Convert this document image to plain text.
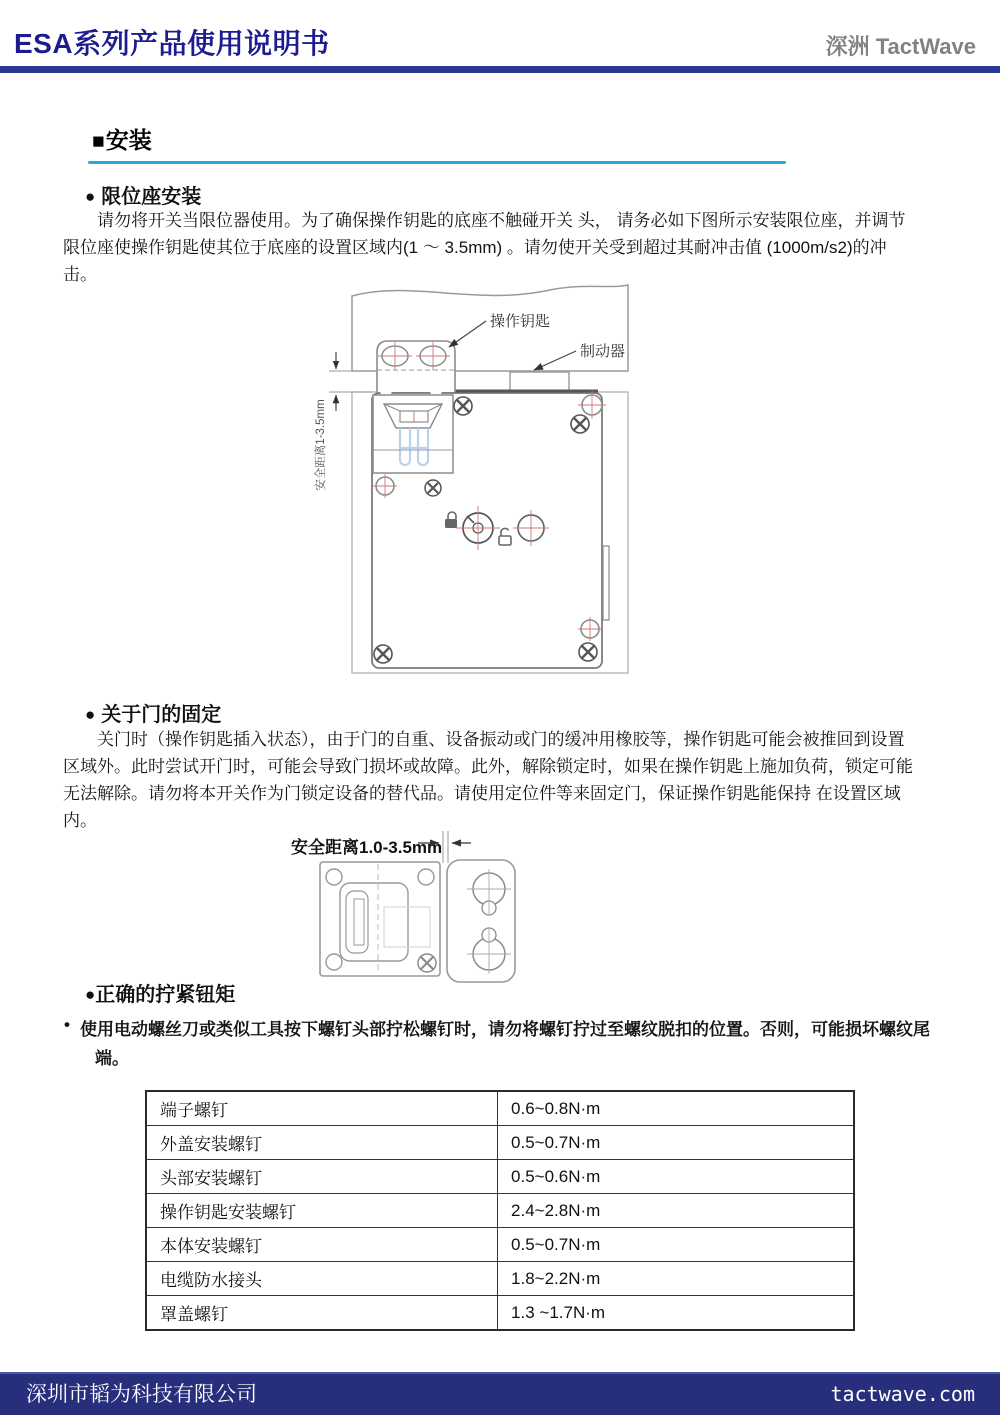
ESA系列产品使用说明书	深洲 TactWave
■安装
● 限位座安装
请勿将开关当限位器使用。为了确保操作钥匙的底座不触碰开关 头， 请务必如下图所示安装限位座，并调节限位座使操作钥匙使其位于底座的设置区域内(1 ～ 3.5mm) 。请勿使开关受到超过其耐冲击值 (1000m/s2)的冲击。
操作钥匙
制动器
安全距离1-3.5mm
● 关于门的固定
关门时（操作钥匙插入状态），由于门的自重、设备振动或门的缓冲用橡胶等，操作钥匙可能会被推回到设置区域外。此时尝试开门时，可能会导致门损坏或故障。此外，解除锁定时，如果在操作钥匙上施加负荷，锁定可能无法解除。请勿将本开关作为门锁定设备的替代品。请使用定位件等来固定门，保证操作钥匙能保持 在设置区域内。
安全距离1.0-3.5mm
●正确的拧紧钮矩
• 使用电动螺丝刀或类似工具按下螺钉头部拧松螺钉时，请勿将螺钉拧过至螺纹脱扣的位置。否则，可能损坏螺纹尾端。
端子螺钉	0.6~0.8N·m
外盖安装螺钉	0.5~0.7N·m
头部安装螺钉	0.5~0.6N·m
操作钥匙安装螺钉	2.4~2.8N·m
本体安装螺钉	0.5~0.7N·m
电缆防水接头	1.8~2.2N·m
罩盖螺钉	1.3 ~1.7N·m
深圳市韬为科技有限公司	tactwave.com
